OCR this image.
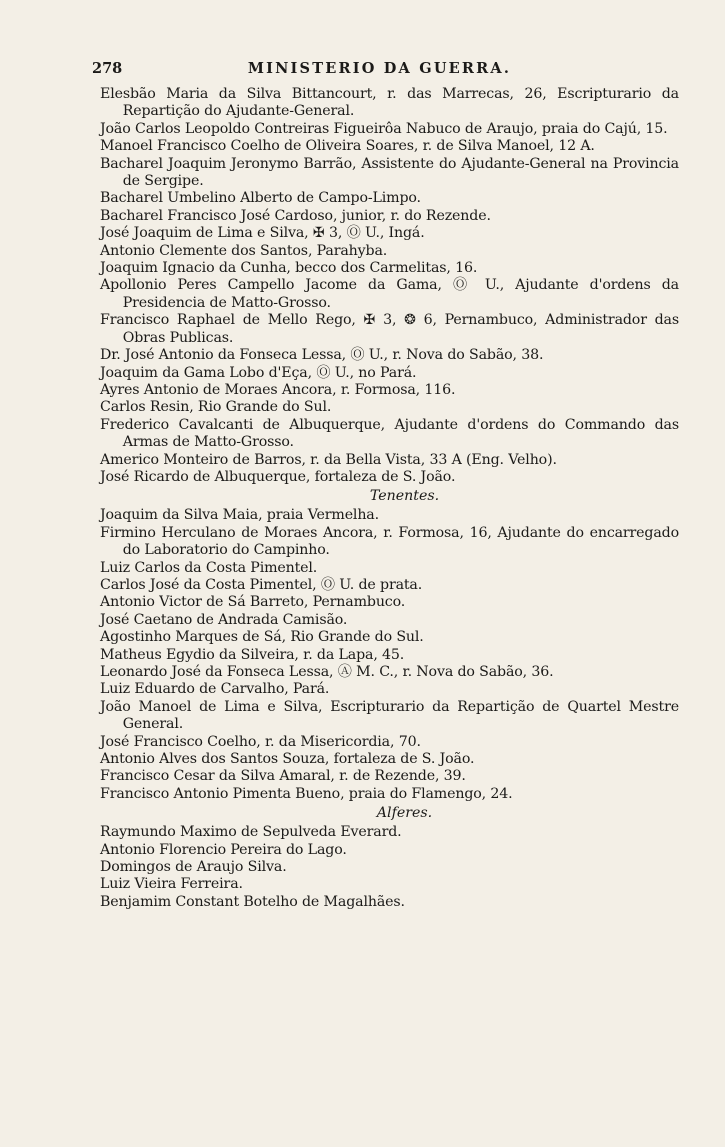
278	MINISTERIO DA GUERRA.

Elesbão Maria da Silva Bittancourt, r. das Marrecas, 26, Escripturario da Repartição do Ajudante-General.

João Carlos Leopoldo Contreiras Figueirôa Nabuco de Araujo, praia do Cajú, 15.

Manoel Francisco Coelho de Oliveira Soares, r. de Silva Manoel, 12 A.

Bacharel Joaquim Jeronymo Barrão, Assistente do Ajudante-General na Provincia de Sergipe.

Bacharel Umbelino Alberto de Campo-Limpo.

Bacharel Francisco José Cardoso, junior, r. do Rezende.

José Joaquim de Lima e Silva, ✠ 3, Ⓞ U., Ingá.

Antonio Clemente dos Santos, Parahyba.

Joaquim Ignacio da Cunha, becco dos Carmelitas, 16.

Apollonio Peres Campello Jacome da Gama, Ⓞ U., Ajudante d'ordens da Presidencia de Matto-Grosso.

Francisco Raphael de Mello Rego, ✠ 3, ❂ 6, Pernambuco, Administrador das Obras Publicas.

Dr. José Antonio da Fonseca Lessa, Ⓞ U., r. Nova do Sabão, 38.

Joaquim da Gama Lobo d'Eça, Ⓞ U., no Pará.

Ayres Antonio de Moraes Ancora, r. Formosa, 116.

Carlos Resin, Rio Grande do Sul.

Frederico Cavalcanti de Albuquerque, Ajudante d'ordens do Commando das Armas de Matto-Grosso.

Americo Monteiro de Barros, r. da Bella Vista, 33 A (Eng. Velho).

José Ricardo de Albuquerque, fortaleza de S. João.

Tenentes.

Joaquim da Silva Maia, praia Vermelha.

Firmino Herculano de Moraes Ancora, r. Formosa, 16, Ajudante do encarregado do Laboratorio do Campinho.

Luiz Carlos da Costa Pimentel.

Carlos José da Costa Pimentel, Ⓞ U. de prata.

Antonio Victor de Sá Barreto, Pernambuco.

José Caetano de Andrada Camisão.

Agostinho Marques de Sá, Rio Grande do Sul.

Matheus Egydio da Silveira, r. da Lapa, 45.

Leonardo José da Fonseca Lessa, Ⓐ M. C., r. Nova do Sabão, 36.

Luiz Eduardo de Carvalho, Pará.

João Manoel de Lima e Silva, Escripturario da Repartição de Quartel Mestre General.

José Francisco Coelho, r. da Misericordia, 70.

Antonio Alves dos Santos Souza, fortaleza de S. João.

Francisco Cesar da Silva Amaral, r. de Rezende, 39.

Francisco Antonio Pimenta Bueno, praia do Flamengo, 24.

Alferes.

Raymundo Maximo de Sepulveda Everard.

Antonio Florencio Pereira do Lago.

Domingos de Araujo Silva.

Luiz Vieira Ferreira.

Benjamim Constant Botelho de Magalhães.
